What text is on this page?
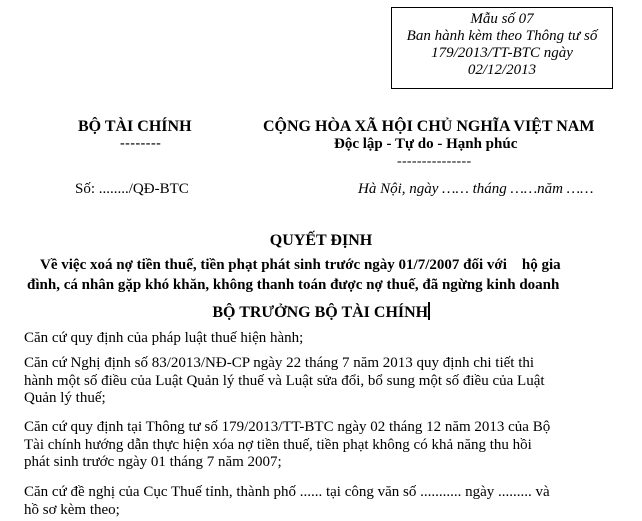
Mẫu số 07
Ban hành kèm theo Thông tư số
179/2013/TT-BTC ngày
02/12/2013
BỘ TÀI CHÍNH
--------
CỘNG HÒA XÃ HỘI CHỦ NGHĨA VIỆT NAM
Độc lập - Tự do - Hạnh phúc
---------------
Số: ......../QĐ-BTC	Hà Nội, ngày …… tháng ……năm ……
QUYẾT ĐỊNH
Về việc xoá nợ tiền thuế, tiền phạt phát sinh trước ngày 01/7/2007 đối với    hộ gia
đình, cá nhân gặp khó khăn, không thanh toán được nợ thuế, đã ngừng kinh doanh
BỘ TRƯỞNG BỘ TÀI CHÍNH
Căn cứ quy định của pháp luật thuế hiện hành;
Căn cứ Nghị định số 83/2013/NĐ-CP ngày 22 tháng 7 năm 2013 quy định chi tiết thi
hành một số điều của Luật Quản lý thuế và Luật sửa đổi, bổ sung một số điều của Luật
Quản lý thuế;
Căn cứ quy định tại Thông tư số 179/2013/TT-BTC ngày 02 tháng 12 năm 2013 của Bộ
Tài chính hướng dẫn thực hiện xóa nợ tiền thuế, tiền phạt không có khả năng thu hồi
phát sinh trước ngày 01 tháng 7 năm 2007;
Căn cứ đề nghị của Cục Thuế tỉnh, thành phố ...... tại công văn số ........... ngày ......... và
hồ sơ kèm theo;
